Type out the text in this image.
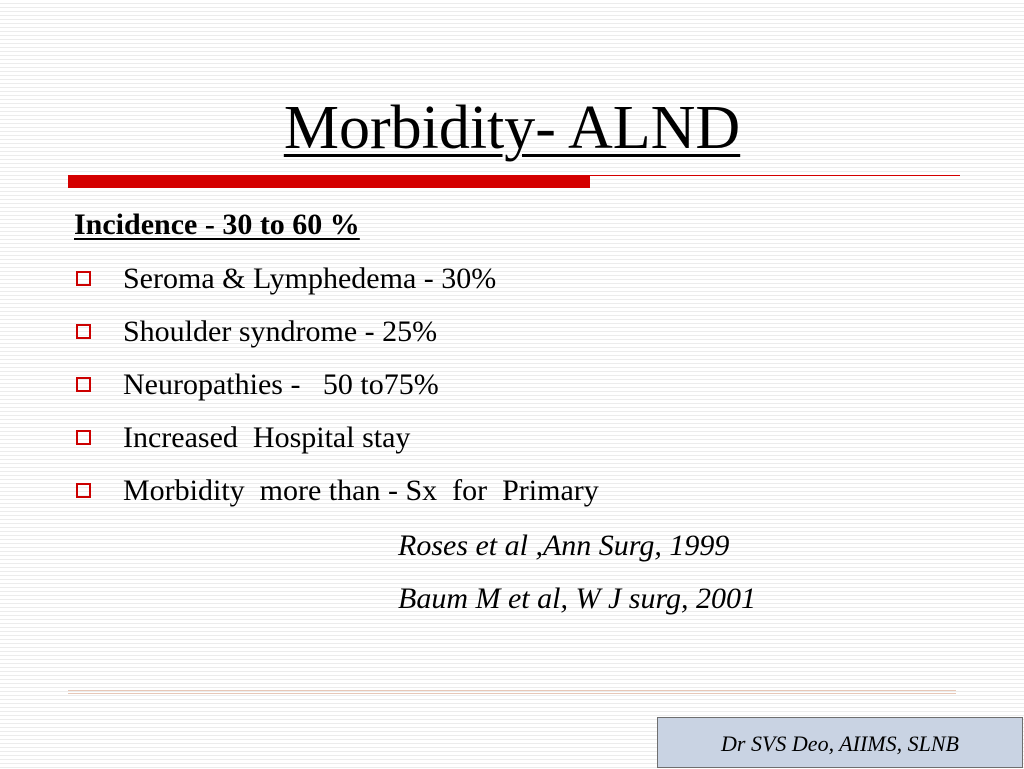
Morbidity- ALND
Incidence - 30 to 60 %
Seroma & Lymphedema - 30%
Shoulder syndrome - 25%
Neuropathies -   50 to75%
Increased  Hospital stay
Morbidity  more than - Sx  for  Primary
Roses et al ,Ann Surg, 1999
Baum M et al, W J surg, 2001
Dr SVS Deo, AIIMS, SLNB
